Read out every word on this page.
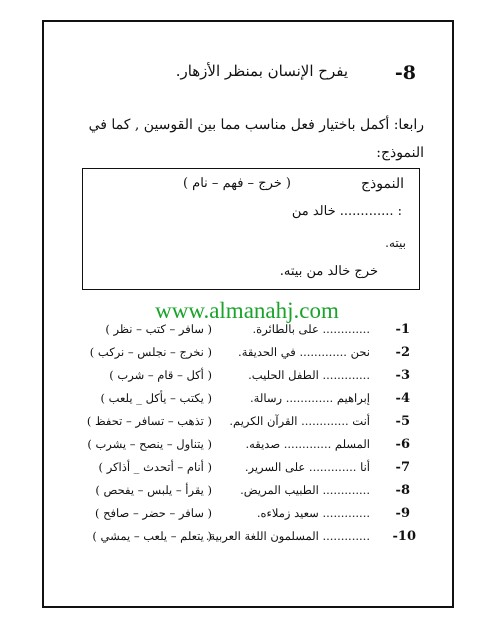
-8
يفرح الإنسان بمنظر الأزهار.
رابعا: أكمل باختيار فعل مناسب مما بين القوسين , كما في
النموذج:
النموذج
( خرج – فهم – نام )
: ............. خالد من
بيته.
خرج خالد من بيته.
www.almanahj.com
-1
............. على بالطائرة.
( سافر – كتب – نظر )
-2
نحن ............. في الحديقة.
( نخرج – نجلس – نركب )
-3
............. الطفل الحليب.
( أكل – قام – شرب )
-4
إبراهيم ............. رسالة.
( يكتب – يأكل _ يلعب )
-5
أنت ............. القرآن الكريم.
( تذهب – تسافر – تحفظ )
-6
المسلم ............. صديقه.
( يتناول – ينصح – يشرب )
-7
أنا ............. على السرير.
( أنام – أتحدث _ أذاكر )
-8
............. الطبيب المريض.
( يقرأ – يلبس – يفحص )
-9
............. سعيد زملاءه.
( سافر – حضر – صافح )
-10
............. المسلمون اللغة العربية.
( يتعلم – يلعب – يمشي )
